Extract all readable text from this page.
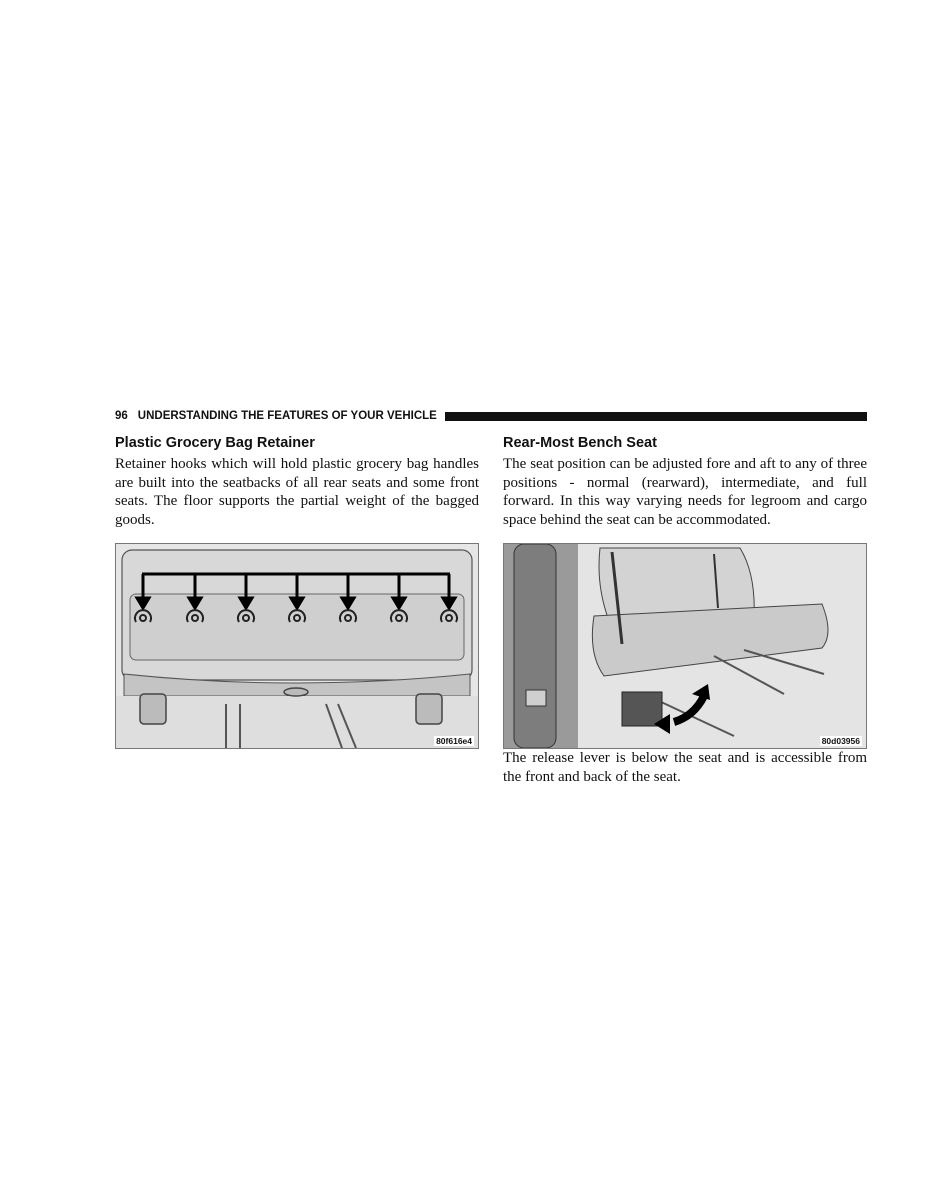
96 UNDERSTANDING THE FEATURES OF YOUR VEHICLE
Plastic Grocery Bag Retainer

Retainer hooks which will hold plastic grocery bag handles are built into the seatbacks of all rear seats and some front seats. The floor supports the partial weight of the bagged goods.

80f616e4
Rear-Most Bench Seat

The seat position can be adjusted fore and aft to any of three positions - normal (rearward), intermediate, and full forward. In this way varying needs for legroom and cargo space behind the seat can be accommodated.

80d03956

The release lever is below the seat and is accessible from the front and back of the seat.
